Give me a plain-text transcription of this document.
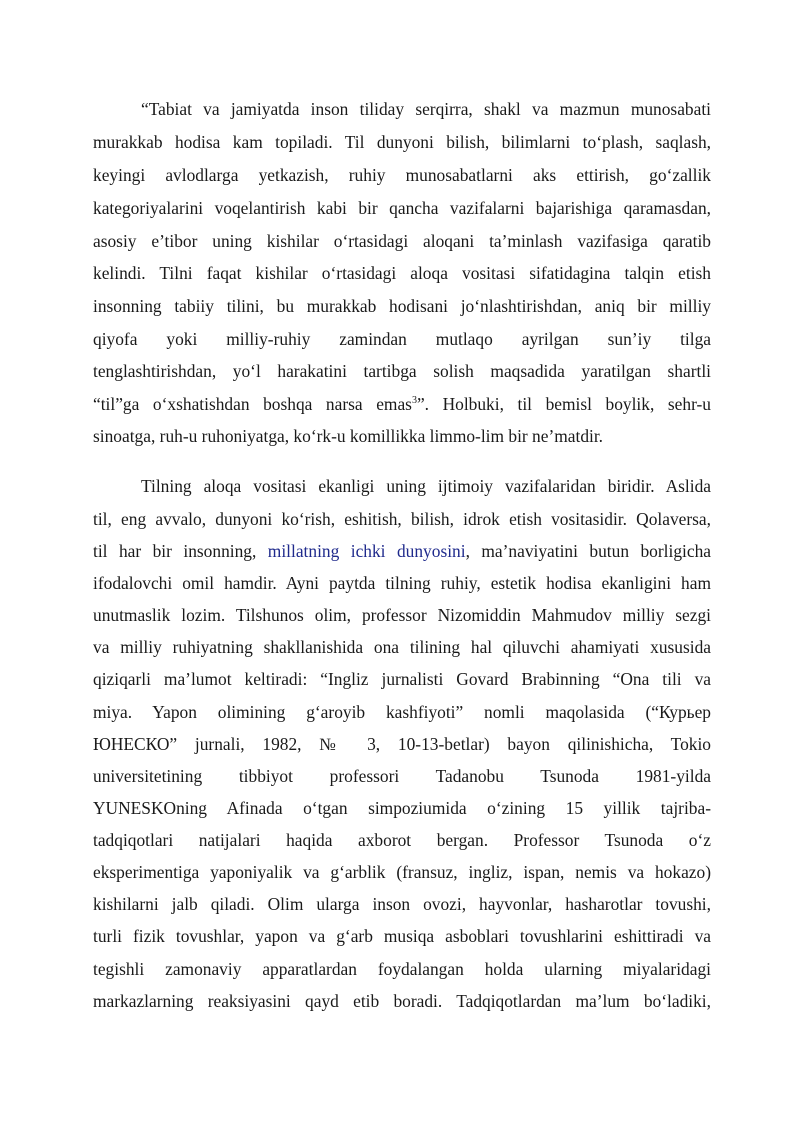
“Tabiat va jamiyatda inson tiliday serqirra, shakl va mazmun munosabati
murakkab hodisa kam topiladi. Til dunyoni bilish, bilimlarni to‘plash, saqlash,
keyingi avlodlarga yetkazish, ruhiy munosabatlarni aks ettirish, go‘zallik
kategoriyalarini voqelantirish kabi bir qancha vazifalarni bajarishiga qaramasdan,
asosiy e’tibor uning kishilar o‘rtasidagi aloqani ta’minlash vazifasiga qaratib
kelindi. Tilni faqat kishilar o‘rtasidagi aloqa vositasi sifatidagina talqin etish
insonning tabiiy tilini, bu murakkab hodisani jo‘nlashtirishdan, aniq bir milliy
qiyofa yoki milliy-ruhiy zamindan mutlaqo ayrilgan sun’iy tilga
tenglashtirishdan, yo‘l harakatini tartibga solish maqsadida yaratilgan shartli
“til”ga o‘xshatishdan boshqa narsa emas$^3$”. Holbuki, til bemisl boylik, sehr-u
sinoatga, ruh-u ruhoniyatga, ko‘rk-u komillikka limmo-lim bir ne’matdir.
Tilning aloqa vositasi ekanligi uning ijtimoiy vazifalaridan biridir. Aslida
til, eng avvalo, dunyoni ko‘rish, eshitish, bilish, idrok etish vositasidir. Qolaversa,
til har bir insonning, millatning ichki dunyosini, ma’naviyatini butun borligicha
ifodalovchi omil hamdir. Ayni paytda tilning ruhiy, estetik hodisa ekanligini ham
unutmaslik lozim. Tilshunos olim, professor Nizomiddin Mahmudov milliy sezgi
va milliy ruhiyatning shakllanishida ona tilining hal qiluvchi ahamiyati xususida
qiziqarli ma’lumot keltiradi: “Ingliz jurnalisti Govard Brabinning “Ona tili va
miya. Yapon olimining g‘aroyib kashfiyoti” nomli maqolasida (“Курьер
ЮНЕСКО” jurnali, 1982, № 3, 10-13-betlar) bayon qilinishicha, Tokio
universitetining tibbiyot professori Tadanobu Tsunoda 1981-yilda
YUNESKOning Afinada o‘tgan simpoziumida o‘zining 15 yillik tajriba-
tadqiqotlari natijalari haqida axborot bergan. Professor Tsunoda o‘z
eksperimentiga yaponiyalik va g‘arblik (fransuz, ingliz, ispan, nemis va hokazo)
kishilarni jalb qiladi. Olim ularga inson ovozi, hayvonlar, hasharotlar tovushi,
turli fizik tovushlar, yapon va g‘arb musiqa asboblari tovushlarini eshittiradi va
tegishli zamonaviy apparatlardan foydalangan holda ularning miyalaridagi
markazlarning reaksiyasini qayd etib boradi. Tadqiqotlardan ma’lum bo‘ladiki,
